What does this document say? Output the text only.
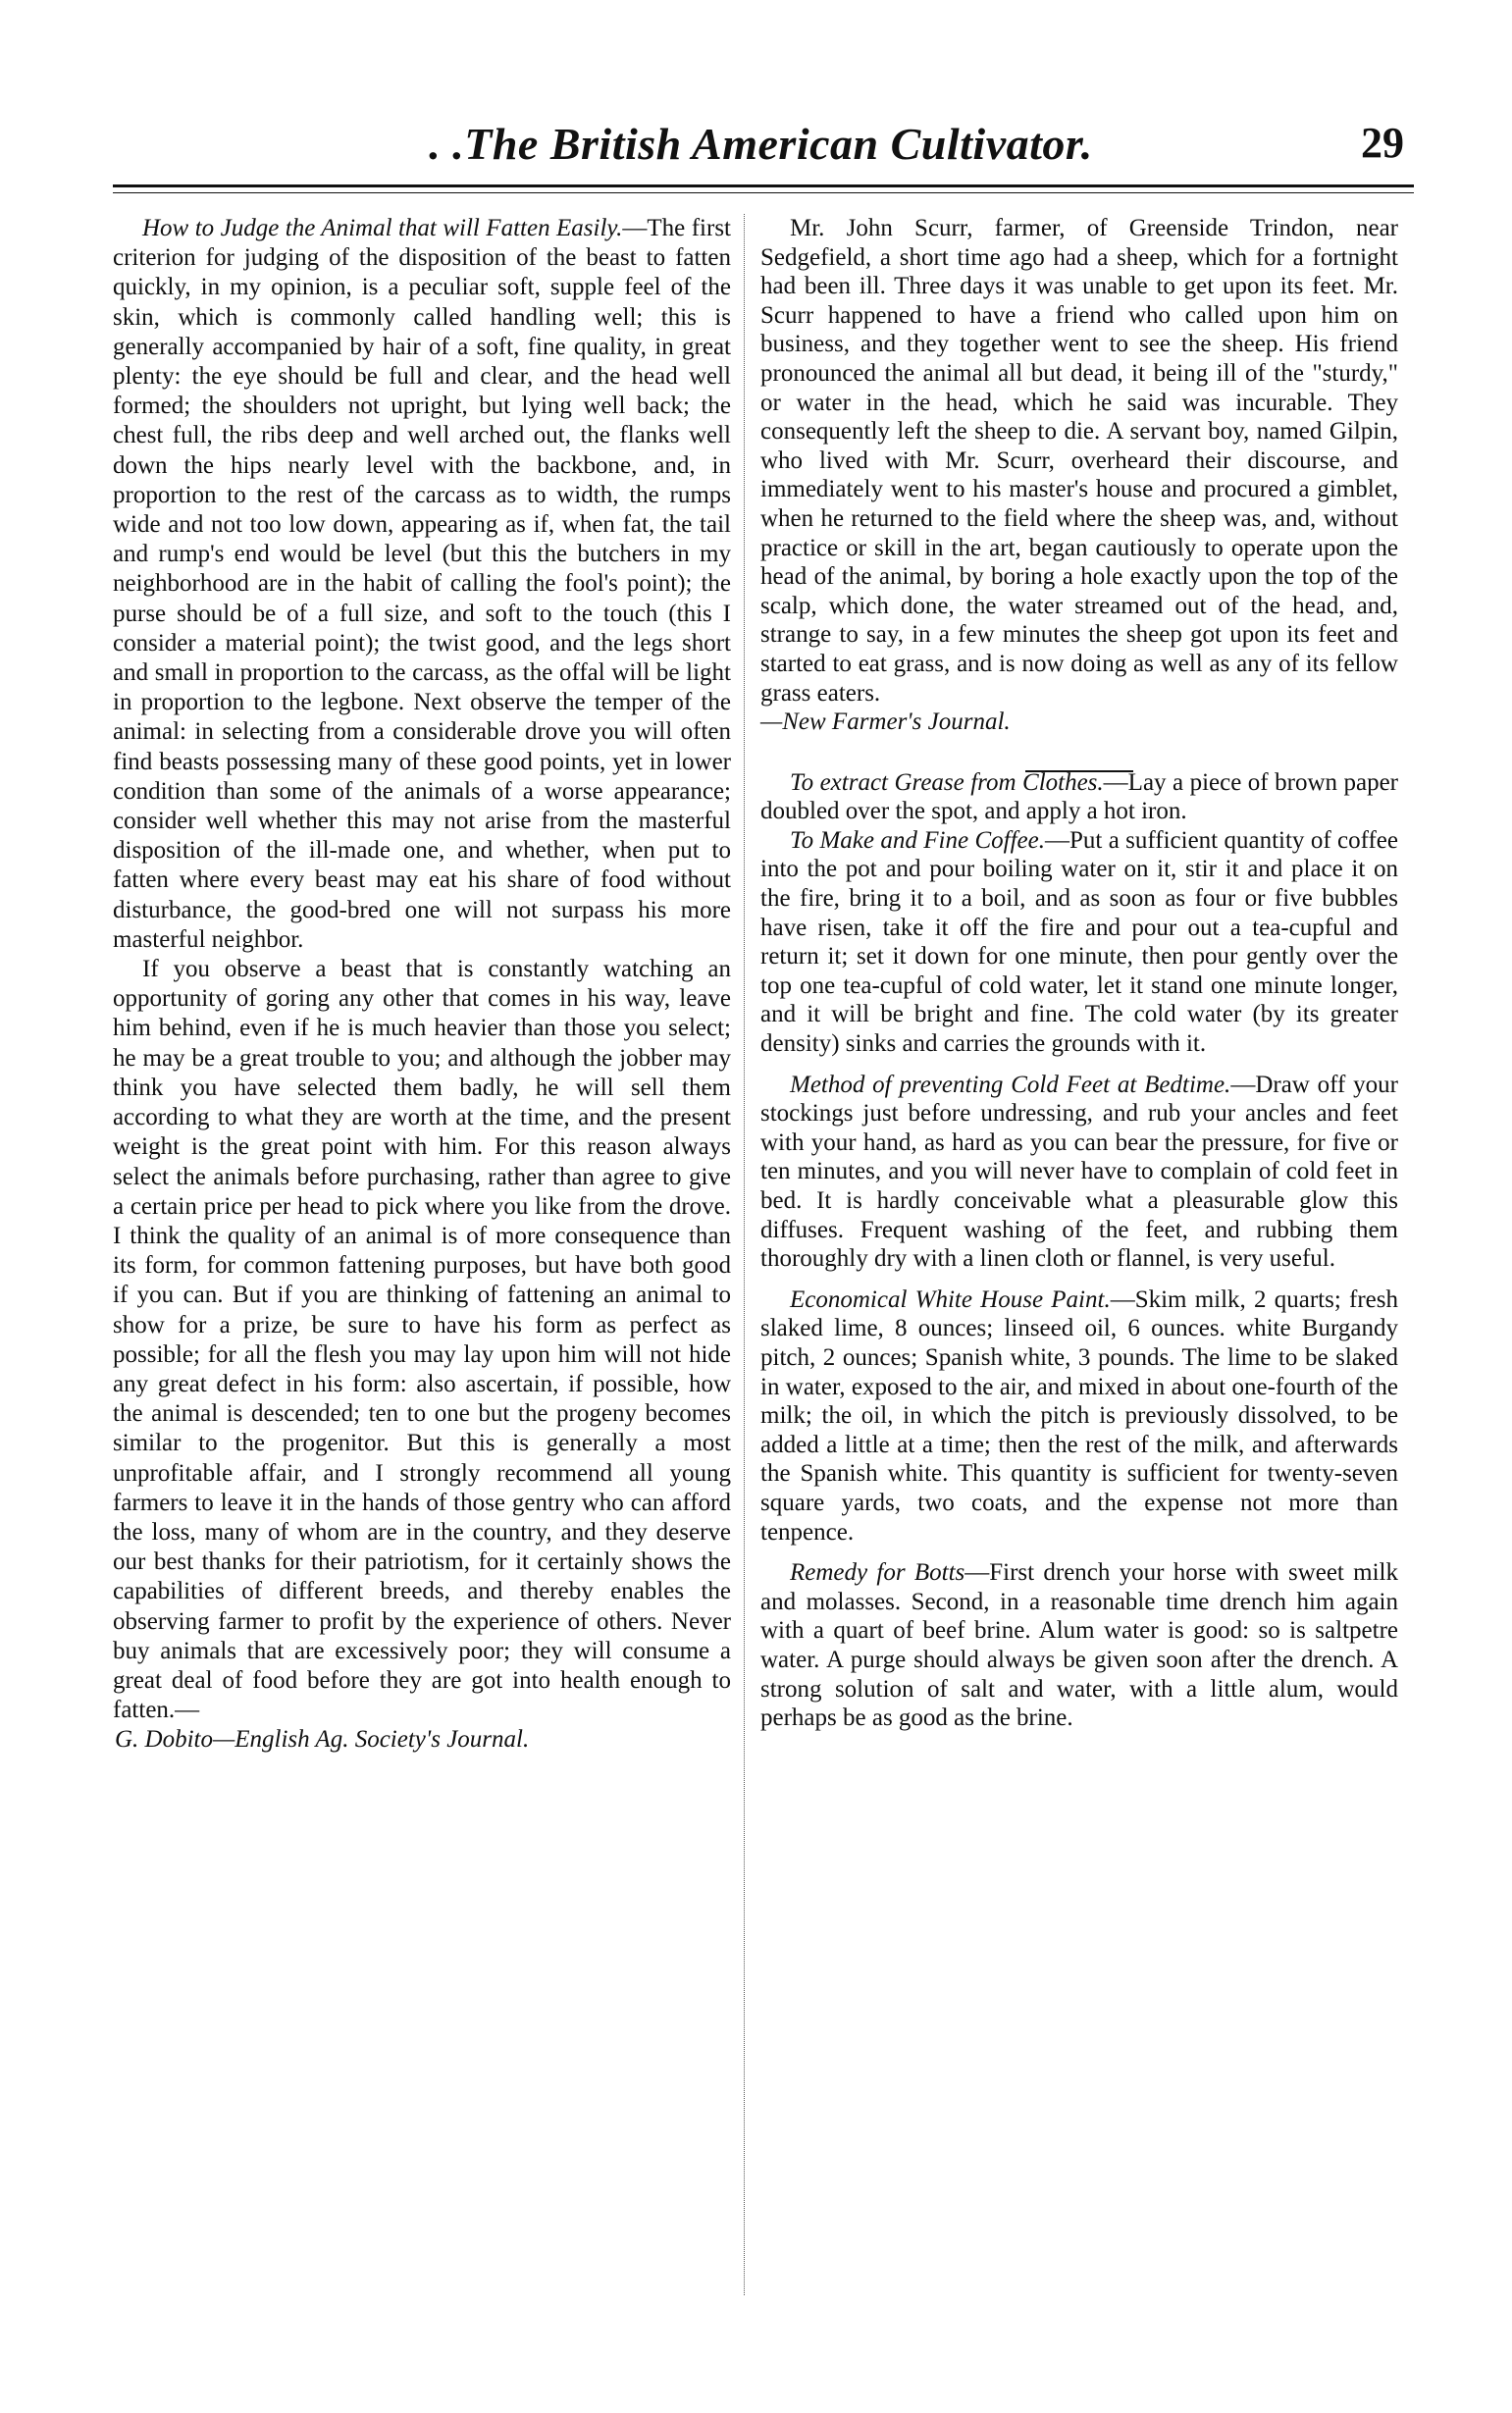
. .The British American Cultivator.	29

How to Judge the Animal that will Fatten Easily.—The first criterion for judging of the disposition of the beast to fatten quickly, in my opinion, is a peculiar soft, supple feel of the skin, which is commonly called handling well; this is generally accompanied by hair of a soft, fine quality, in great plenty: the eye should be full and clear, and the head well formed; the shoulders not upright, but lying well back; the chest full, the ribs deep and well arched out, the flanks well down the hips nearly level with the backbone, and, in proportion to the rest of the carcass as to width, the rumps wide and not too low down, appearing as if, when fat, the tail and rump's end would be level (but this the butchers in my neighborhood are in the habit of calling the fool's point); the purse should be of a full size, and soft to the touch (this I consider a material point); the twist good, and the legs short and small in proportion to the carcass, as the offal will be light in proportion to the legbone. Next observe the temper of the animal: in selecting from a considerable drove you will often find beasts possessing many of these good points, yet in lower condition than some of the animals of a worse appearance; consider well whether this may not arise from the masterful disposition of the ill-made one, and whether, when put to fatten where every beast may eat his share of food without disturbance, the good-bred one will not surpass his more masterful neighbor.

If you observe a beast that is constantly watching an opportunity of goring any other that comes in his way, leave him behind, even if he is much heavier than those you select; he may be a great trouble to you; and although the jobber may think you have selected them badly, he will sell them according to what they are worth at the time, and the present weight is the great point with him. For this reason always select the animals before purchasing, rather than agree to give a certain price per head to pick where you like from the drove. I think the quality of an animal is of more consequence than its form, for common fattening purposes, but have both good if you can. But if you are thinking of fattening an animal to show for a prize, be sure to have his form as perfect as possible; for all the flesh you may lay upon him will not hide any great defect in his form: also ascertain, if possible, how the animal is descended; ten to one but the progeny becomes similar to the progenitor. But this is generally a most unprofitable affair, and I strongly recommend all young farmers to leave it in the hands of those gentry who can afford the loss, many of whom are in the country, and they deserve our best thanks for their patriotism, for it certainly shows the capabilities of different breeds, and thereby enables the observing farmer to profit by the experience of others. Never buy animals that are excessively poor; they will consume a great deal of food before they are got into health enough to fatten.—

G. Dobito—English Ag. Society's Journal.

Mr. John Scurr, farmer, of Greenside Trindon, near Sedgefield, a short time ago had a sheep, which for a fortnight had been ill. Three days it was unable to get upon its feet. Mr. Scurr happened to have a friend who called upon him on business, and they together went to see the sheep. His friend pronounced the animal all but dead, it being ill of the "sturdy," or water in the head, which he said was incurable. They consequently left the sheep to die. A servant boy, named Gilpin, who lived with Mr. Scurr, overheard their discourse, and immediately went to his master's house and procured a gimblet, when he returned to the field where the sheep was, and, without practice or skill in the art, began cautiously to operate upon the head of the animal, by boring a hole exactly upon the top of the scalp, which done, the water streamed out of the head, and, strange to say, in a few minutes the sheep got upon its feet and started to eat grass, and is now doing as well as any of its fellow grass eaters.

—New Farmer's Journal.

To extract Grease from Clothes.—Lay a piece of brown paper doubled over the spot, and apply a hot iron.

To Make and Fine Coffee.—Put a sufficient quantity of coffee into the pot and pour boiling water on it, stir it and place it on the fire, bring it to a boil, and as soon as four or five bubbles have risen, take it off the fire and pour out a tea-cupful and return it; set it down for one minute, then pour gently over the top one tea-cupful of cold water, let it stand one minute longer, and it will be bright and fine. The cold water (by its greater density) sinks and carries the grounds with it.

Method of preventing Cold Feet at Bedtime.—Draw off your stockings just before undressing, and rub your ancles and feet with your hand, as hard as you can bear the pressure, for five or ten minutes, and you will never have to complain of cold feet in bed. It is hardly conceivable what a pleasurable glow this diffuses. Frequent washing of the feet, and rubbing them thoroughly dry with a linen cloth or flannel, is very useful.

Economical White House Paint.—Skim milk, 2 quarts; fresh slaked lime, 8 ounces; linseed oil, 6 ounces. white Burgandy pitch, 2 ounces; Spanish white, 3 pounds. The lime to be slaked in water, exposed to the air, and mixed in about one-fourth of the milk; the oil, in which the pitch is previously dissolved, to be added a little at a time; then the rest of the milk, and afterwards the Spanish white. This quantity is sufficient for twenty-seven square yards, two coats, and the expense not more than tenpence.

Remedy for Botts—First drench your horse with sweet milk and molasses. Second, in a reasonable time drench him again with a quart of beef brine. Alum water is good: so is saltpetre water. A purge should always be given soon after the drench. A strong solution of salt and water, with a little alum, would perhaps be as good as the brine.
